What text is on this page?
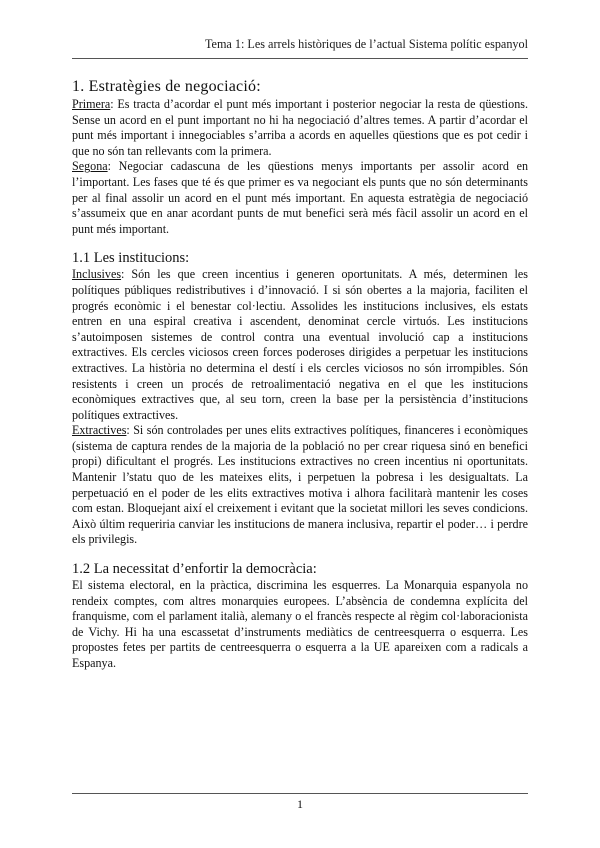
Tema 1: Les arrels històriques de l’actual Sistema polític espanyol
1. Estratègies de negociació:

Primera: Es tracta d’acordar el punt més important i posterior negociar la resta de qüestions. Sense un acord en el punt important no hi ha negociació d’altres temes. A partir d’acordar el punt més important i innegociables s’arriba a acords en aquelles qüestions que es pot cedir i que no són tan rellevants com la primera.

Segona: Negociar cadascuna de les qüestions menys importants per assolir acord en l’important. Les fases que té és que primer es va negociant els punts que no són determinants per al final assolir un acord en el punt més important. En aquesta estratègia de negociació s’assumeix que en anar acordant punts de mut benefici serà més fàcil assolir un acord en el punt més important.

1.1 Les institucions:

Inclusives: Són les que creen incentius i generen oportunitats. A més, determinen les polítiques públiques redistributives i d’innovació. I si són obertes a la majoria, faciliten el progrés econòmic i el benestar col·lectiu. Assolides les institucions inclusives, els estats entren en una espiral creativa i ascendent, denominat cercle virtuós. Les institucions s’autoimposen sistemes de control contra una eventual involució cap a institucions extractives. Els cercles viciosos creen forces poderoses dirigides a perpetuar les institucions extractives. La història no determina el destí i els cercles viciosos no són irrompibles. Són resistents i creen un procés de retroalimentació negativa en el que les institucions econòmiques extractives que, al seu torn, creen la base per la persistència d’institucions polítiques extractives.

Extractives: Si són controlades per unes elits extractives polítiques, financeres i econòmiques (sistema de captura rendes de la majoria de la població no per crear riquesa sinó en benefici propi) dificultant el progrés. Les institucions extractives no creen incentius ni oportunitats. Mantenir l’statu quo de les mateixes elits, i perpetuen la pobresa i les desigualtats. La perpetuació en el poder de les elits extractives motiva i alhora facilitarà mantenir les coses com estan. Bloquejant així el creixement i evitant que la societat millori les seves condicions. Això últim requeriria canviar les institucions de manera inclusiva, repartir el poder… i perdre els privilegis.

1.2 La necessitat d’enfortir la democràcia:

El sistema electoral, en la pràctica, discrimina les esquerres. La Monarquia espanyola no rendeix comptes, com altres monarquies europees. L’absència de condemna explícita del franquisme, com el parlament italià, alemany o el francès respecte al règim col·laboracionista de Vichy. Hi ha una escassetat d’instruments mediàtics de centreesquerra o esquerra. Les propostes fetes per partits de centreesquerra o esquerra a la UE apareixen com a radicals a Espanya.

1
